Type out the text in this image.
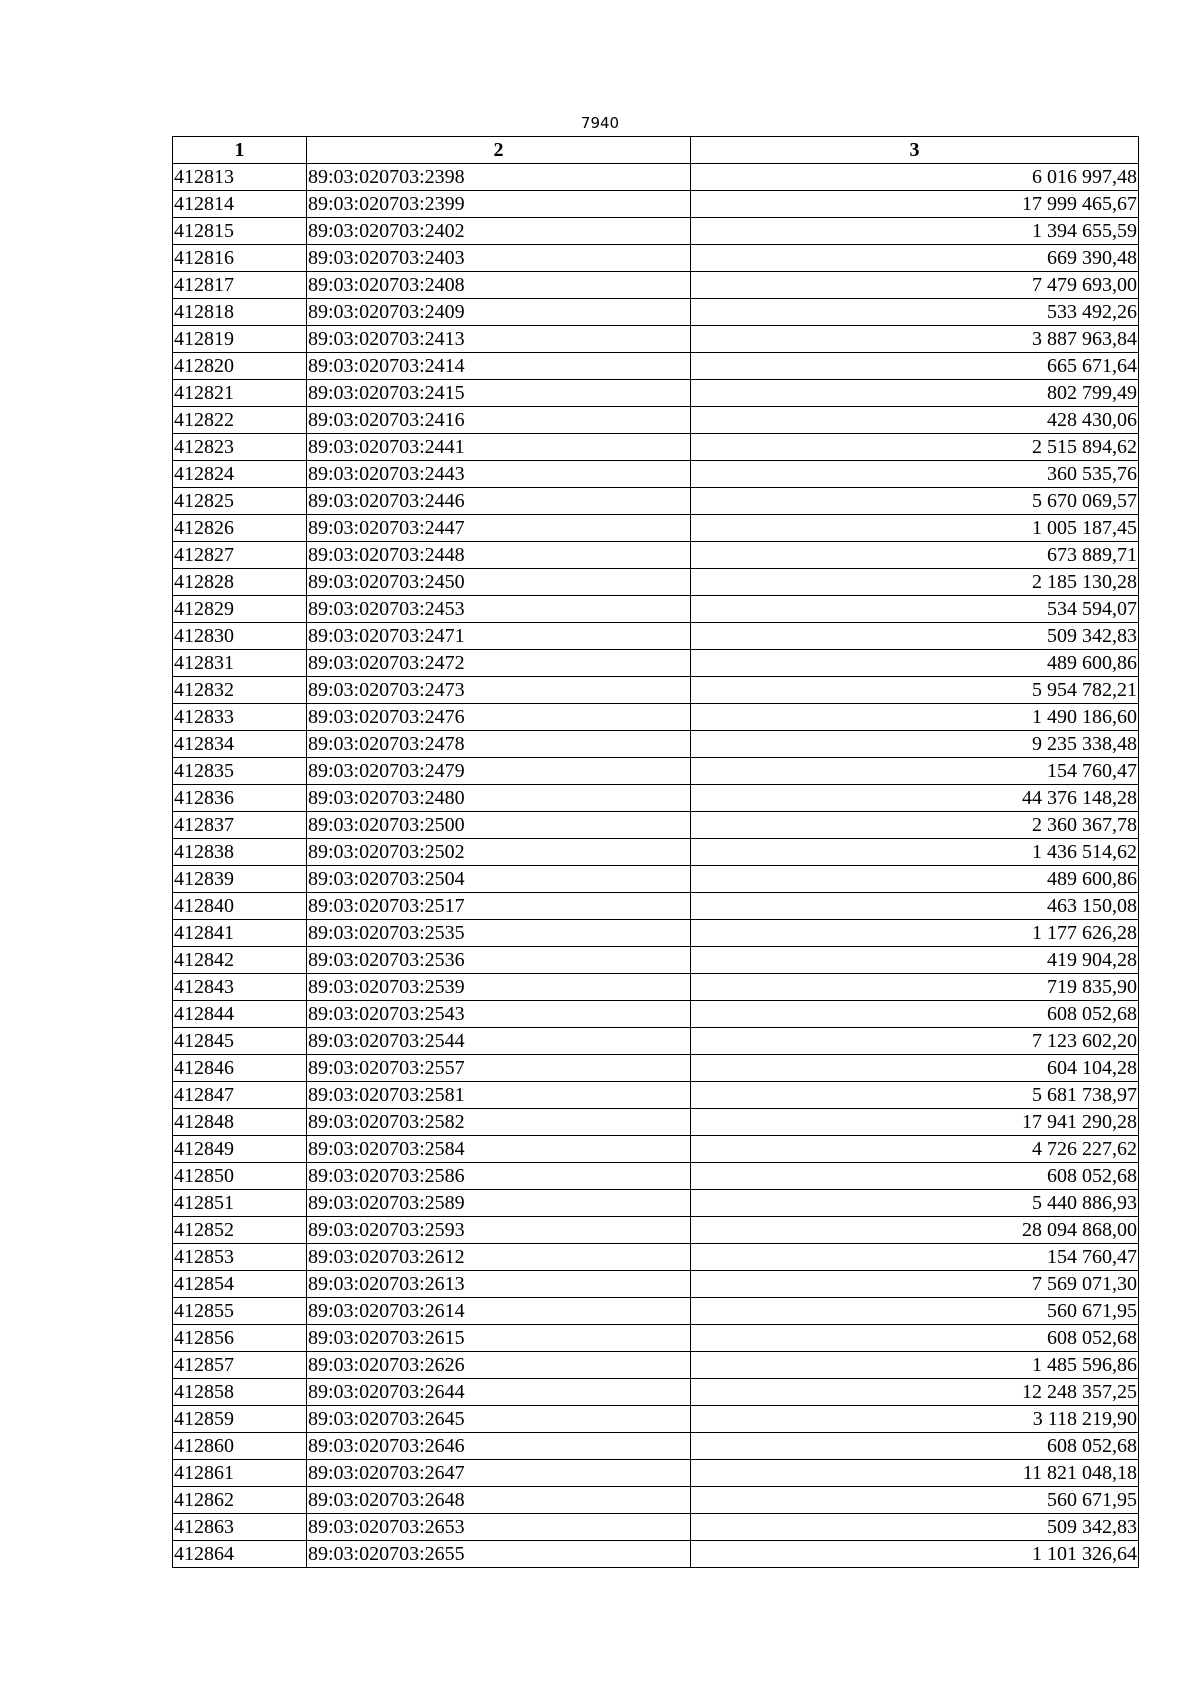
7940
1	2	3
412813	89:03:020703:2398	6 016 997,48
412814	89:03:020703:2399	17 999 465,67
412815	89:03:020703:2402	1 394 655,59
412816	89:03:020703:2403	669 390,48
412817	89:03:020703:2408	7 479 693,00
412818	89:03:020703:2409	533 492,26
412819	89:03:020703:2413	3 887 963,84
412820	89:03:020703:2414	665 671,64
412821	89:03:020703:2415	802 799,49
412822	89:03:020703:2416	428 430,06
412823	89:03:020703:2441	2 515 894,62
412824	89:03:020703:2443	360 535,76
412825	89:03:020703:2446	5 670 069,57
412826	89:03:020703:2447	1 005 187,45
412827	89:03:020703:2448	673 889,71
412828	89:03:020703:2450	2 185 130,28
412829	89:03:020703:2453	534 594,07
412830	89:03:020703:2471	509 342,83
412831	89:03:020703:2472	489 600,86
412832	89:03:020703:2473	5 954 782,21
412833	89:03:020703:2476	1 490 186,60
412834	89:03:020703:2478	9 235 338,48
412835	89:03:020703:2479	154 760,47
412836	89:03:020703:2480	44 376 148,28
412837	89:03:020703:2500	2 360 367,78
412838	89:03:020703:2502	1 436 514,62
412839	89:03:020703:2504	489 600,86
412840	89:03:020703:2517	463 150,08
412841	89:03:020703:2535	1 177 626,28
412842	89:03:020703:2536	419 904,28
412843	89:03:020703:2539	719 835,90
412844	89:03:020703:2543	608 052,68
412845	89:03:020703:2544	7 123 602,20
412846	89:03:020703:2557	604 104,28
412847	89:03:020703:2581	5 681 738,97
412848	89:03:020703:2582	17 941 290,28
412849	89:03:020703:2584	4 726 227,62
412850	89:03:020703:2586	608 052,68
412851	89:03:020703:2589	5 440 886,93
412852	89:03:020703:2593	28 094 868,00
412853	89:03:020703:2612	154 760,47
412854	89:03:020703:2613	7 569 071,30
412855	89:03:020703:2614	560 671,95
412856	89:03:020703:2615	608 052,68
412857	89:03:020703:2626	1 485 596,86
412858	89:03:020703:2644	12 248 357,25
412859	89:03:020703:2645	3 118 219,90
412860	89:03:020703:2646	608 052,68
412861	89:03:020703:2647	11 821 048,18
412862	89:03:020703:2648	560 671,95
412863	89:03:020703:2653	509 342,83
412864	89:03:020703:2655	1 101 326,64
